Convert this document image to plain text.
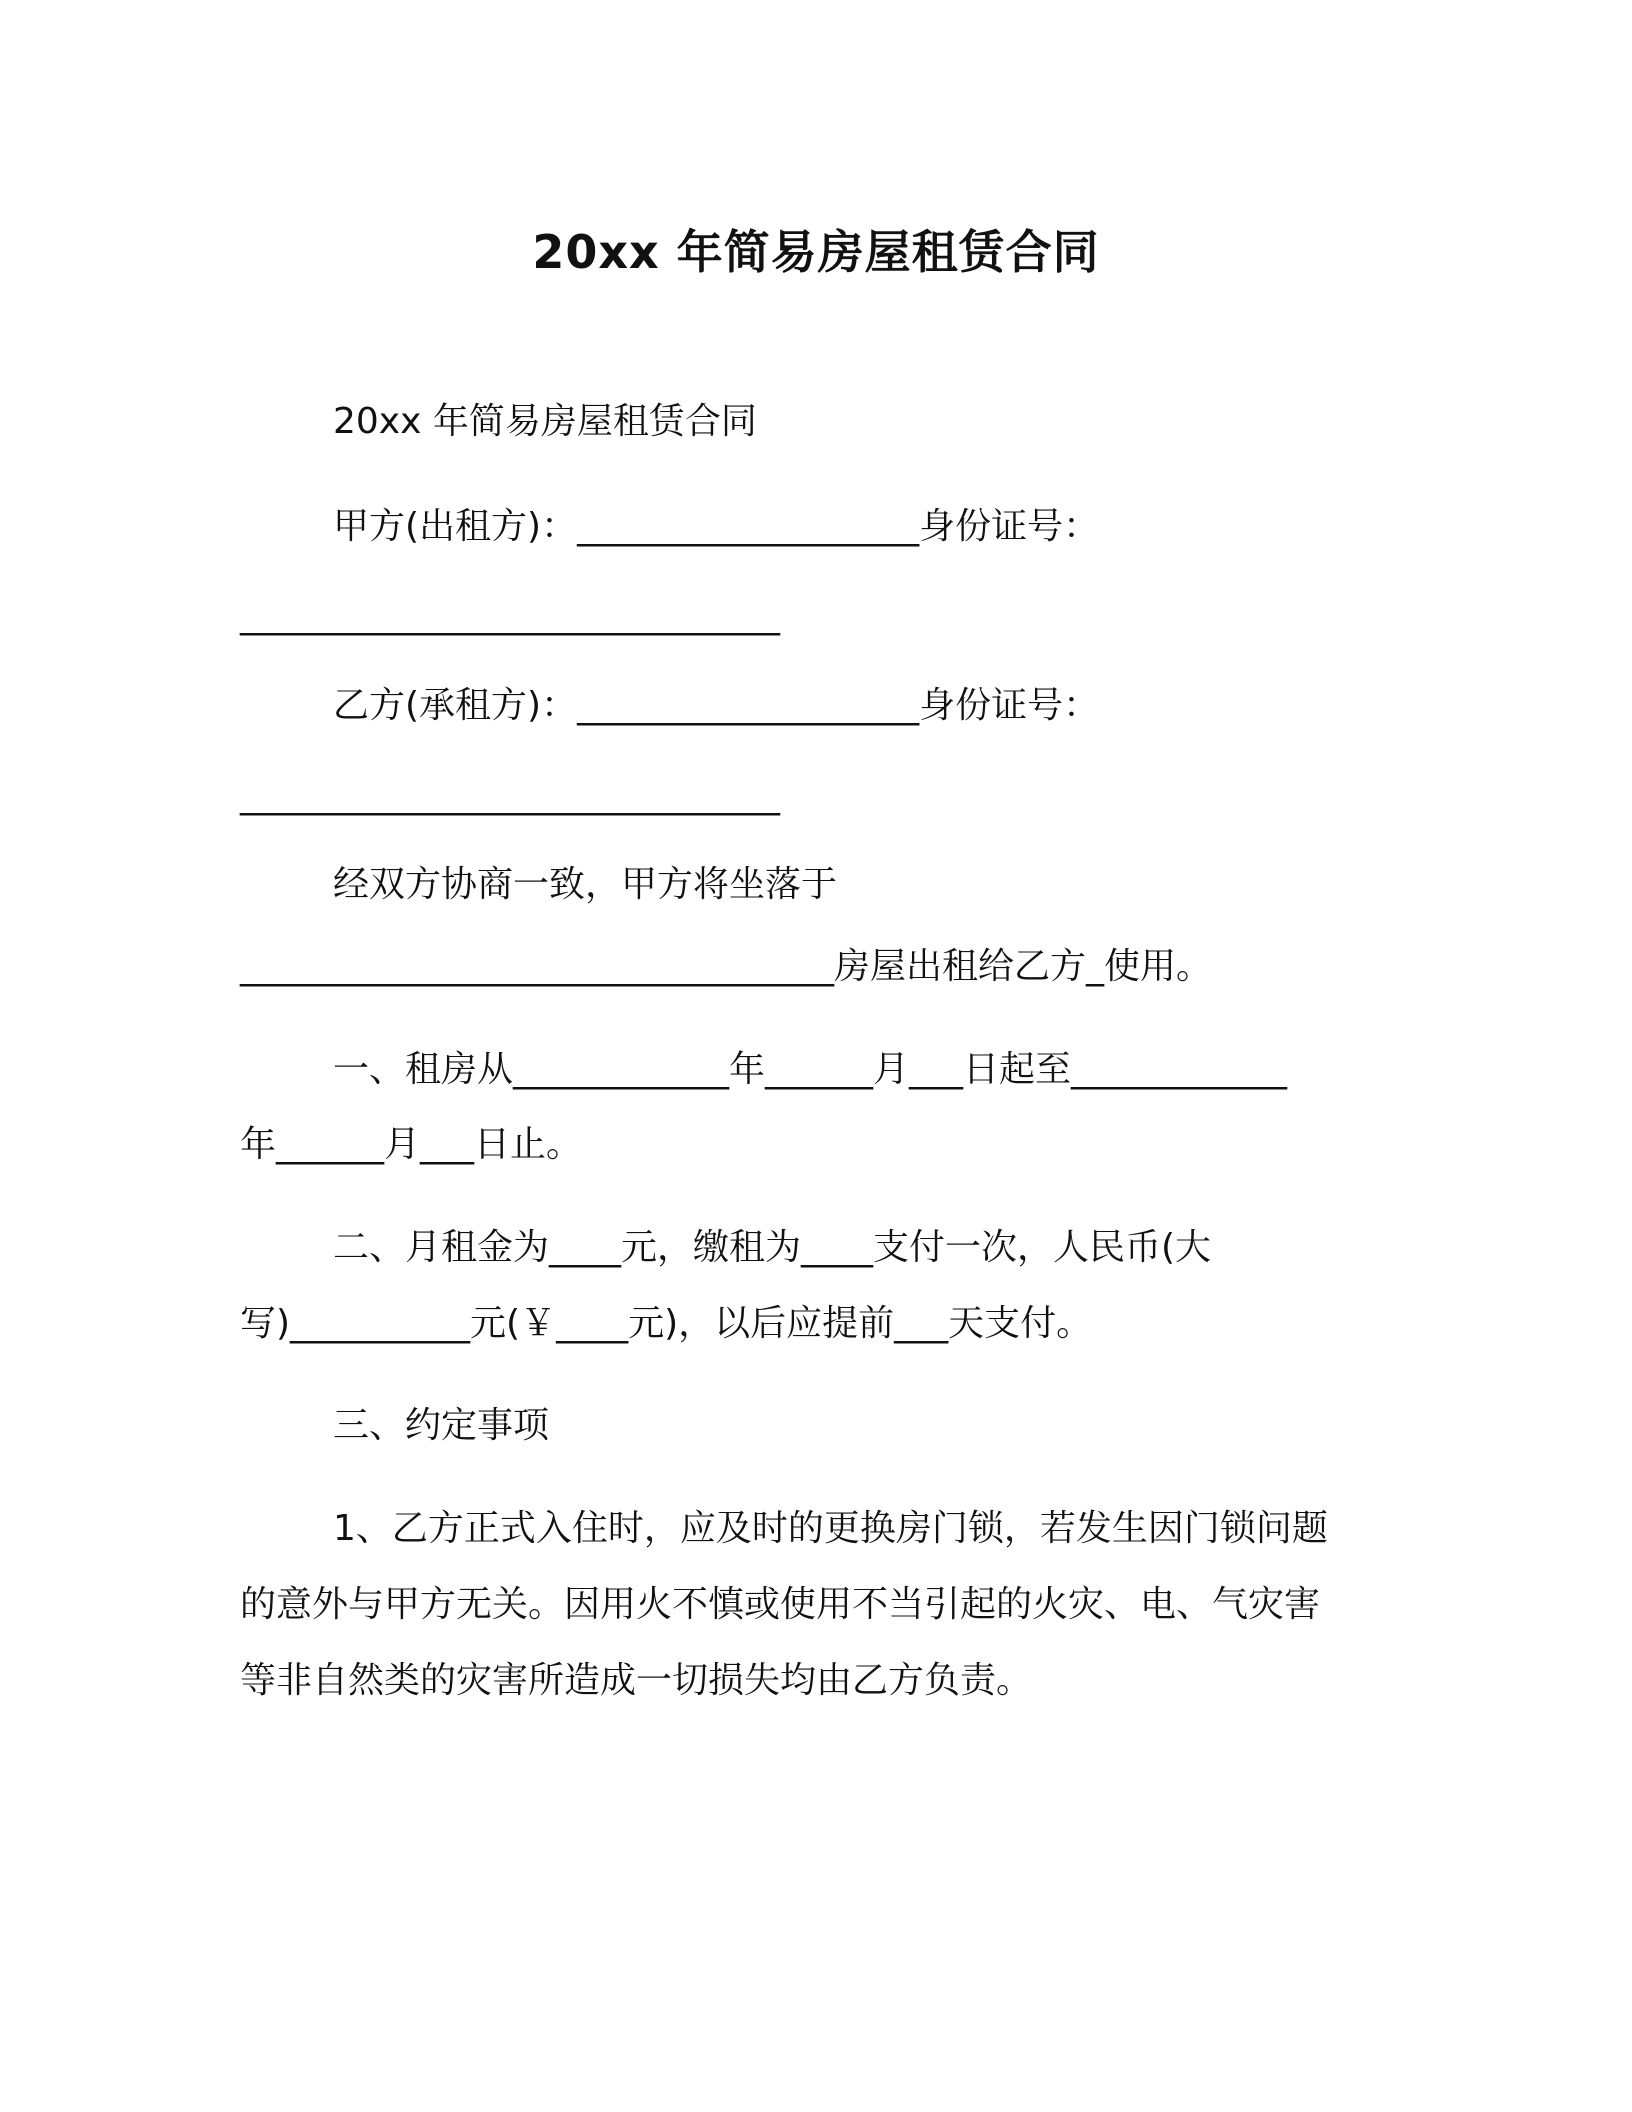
20xx 年简易房屋租赁合同

20xx 年简易房屋租赁合同

甲方(出租方)：___________________身份证号：

______________________________

乙方(承租方)：___________________身份证号：

______________________________

经双方协商一致，甲方将坐落于

_________________________________房屋出租给乙方_使用。

一、租房从____________年______月___日起至____________

年______月___日止。

二、月租金为____元，缴租为____支付一次，人民币(大

写)__________元(￥____元)，以后应提前___天支付。

三、约定事项

1、乙方正式入住时，应及时的更换房门锁，若发生因门锁问题

的意外与甲方无关。因用火不慎或使用不当引起的火灾、电、气灾害

等非自然类的灾害所造成一切损失均由乙方负责。
